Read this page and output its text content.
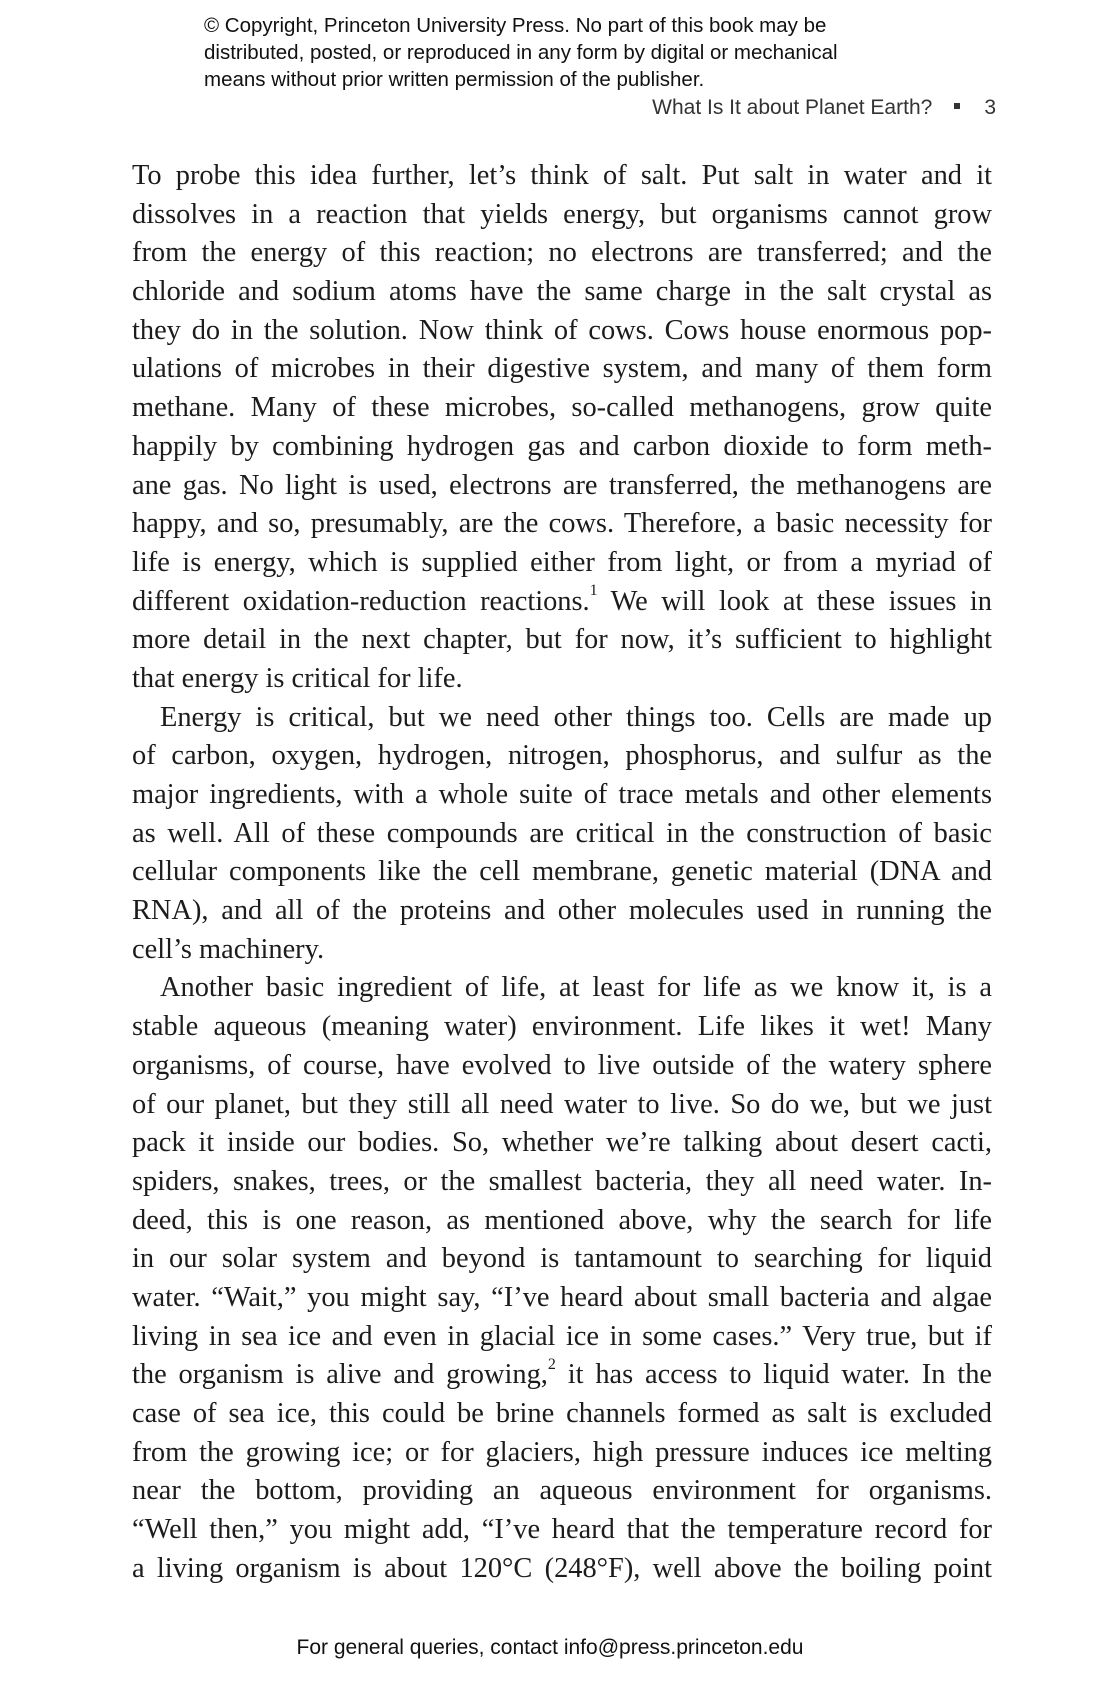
© Copyright, Princeton University Press. No part of this book may be
distributed, posted, or reproduced in any form by digital or mechanical
means without prior written permission of the publisher.
What Is It about Planet Earth? 3
To probe this idea further, let’s think of salt. Put salt in water and it
dissolves in a reaction that yields energy, but organisms cannot grow
from the energy of this reaction; no electrons are transferred; and the
chloride and sodium atoms have the same charge in the salt crystal as
they do in the solution. Now think of cows. Cows house enormous pop-
ulations of microbes in their digestive system, and many of them form
methane. Many of these microbes, so-called methanogens, grow quite
happily by combining hydrogen gas and carbon dioxide to form meth-
ane gas. No light is used, electrons are transferred, the methanogens are
happy, and so, presumably, are the cows. Therefore, a basic necessity for
life is energy, which is supplied either from light, or from a myriad of
different oxidation-reduction reactions.$^1$ We will look at these issues in
more detail in the next chapter, but for now, it’s sufficient to highlight
that energy is critical for life.
Energy is critical, but we need other things too. Cells are made up
of carbon, oxygen, hydrogen, nitrogen, phosphorus, and sulfur as the
major ingredients, with a whole suite of trace metals and other elements
as well. All of these compounds are critical in the construction of basic
cellular components like the cell membrane, genetic material (DNA and
RNA), and all of the proteins and other molecules used in running the
cell’s machinery.
Another basic ingredient of life, at least for life as we know it, is a
stable aqueous (meaning water) environment. Life likes it wet! Many
organisms, of course, have evolved to live outside of the watery sphere
of our planet, but they still all need water to live. So do we, but we just
pack it inside our bodies. So, whether we’re talking about desert cacti,
spiders, snakes, trees, or the smallest bacteria, they all need water. In-
deed, this is one reason, as mentioned above, why the search for life
in our solar system and beyond is tantamount to searching for liquid
water. “Wait,” you might say, “I’ve heard about small bacteria and algae
living in sea ice and even in glacial ice in some cases.” Very true, but if
the organism is alive and growing,$^2$ it has access to liquid water. In the
case of sea ice, this could be brine channels formed as salt is excluded
from the growing ice; or for glaciers, high pressure induces ice melting
near the bottom, providing an aqueous environment for organisms.
“Well then,” you might add, “I’ve heard that the temperature record for
a living organism is about 120°C (248°F), well above the boiling point
For general queries, contact info@press.princeton.edu
